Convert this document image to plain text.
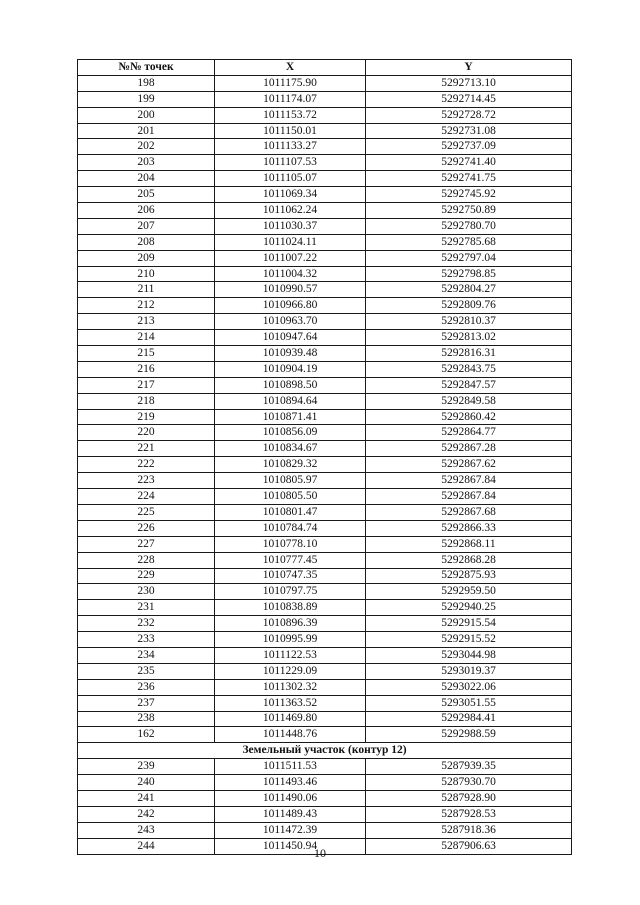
№№ точек	X	Y
198	1011175.90	5292713.10
199	1011174.07	5292714.45
200	1011153.72	5292728.72
201	1011150.01	5292731.08
202	1011133.27	5292737.09
203	1011107.53	5292741.40
204	1011105.07	5292741.75
205	1011069.34	5292745.92
206	1011062.24	5292750.89
207	1011030.37	5292780.70
208	1011024.11	5292785.68
209	1011007.22	5292797.04
210	1011004.32	5292798.85
211	1010990.57	5292804.27
212	1010966.80	5292809.76
213	1010963.70	5292810.37
214	1010947.64	5292813.02
215	1010939.48	5292816.31
216	1010904.19	5292843.75
217	1010898.50	5292847.57
218	1010894.64	5292849.58
219	1010871.41	5292860.42
220	1010856.09	5292864.77
221	1010834.67	5292867.28
222	1010829.32	5292867.62
223	1010805.97	5292867.84
224	1010805.50	5292867.84
225	1010801.47	5292867.68
226	1010784.74	5292866.33
227	1010778.10	5292868.11
228	1010777.45	5292868.28
229	1010747.35	5292875.93
230	1010797.75	5292959.50
231	1010838.89	5292940.25
232	1010896.39	5292915.54
233	1010995.99	5292915.52
234	1011122.53	5293044.98
235	1011229.09	5293019.37
236	1011302.32	5293022.06
237	1011363.52	5293051.55
238	1011469.80	5292984.41
162	1011448.76	5292988.59
Земельный участок (контур 12)		
239	1011511.53	5287939.35
240	1011493.46	5287930.70
241	1011490.06	5287928.90
242	1011489.43	5287928.53
243	1011472.39	5287918.36
244	1011450.94	5287906.63
10
